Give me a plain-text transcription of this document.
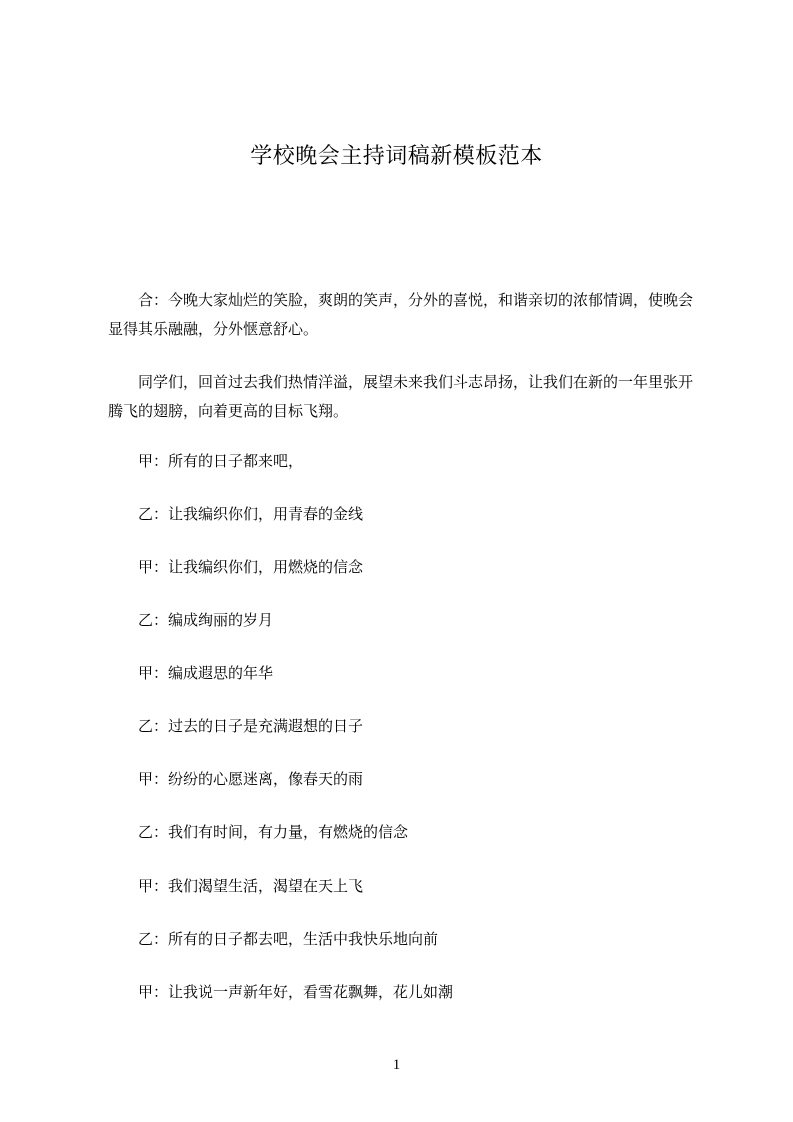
学校晚会主持词稿新模板范本

合：今晚大家灿烂的笑脸，爽朗的笑声，分外的喜悦，和谐亲切的浓郁情调，使晚会显得其乐融融，分外惬意舒心。

同学们，回首过去我们热情洋溢，展望未来我们斗志昂扬，让我们在新的一年里张开腾飞的翅膀，向着更高的目标飞翔。

甲：所有的日子都来吧，
乙：让我编织你们，用青春的金线
甲：让我编织你们，用燃烧的信念
乙：编成绚丽的岁月
甲：编成遐思的年华
乙：过去的日子是充满遐想的日子
甲：纷纷的心愿迷离，像春天的雨
乙：我们有时间，有力量，有燃烧的信念
甲：我们渴望生活，渴望在天上飞
乙：所有的日子都去吧，生活中我快乐地向前
甲：让我说一声新年好，看雪花飘舞，花儿如潮
1
